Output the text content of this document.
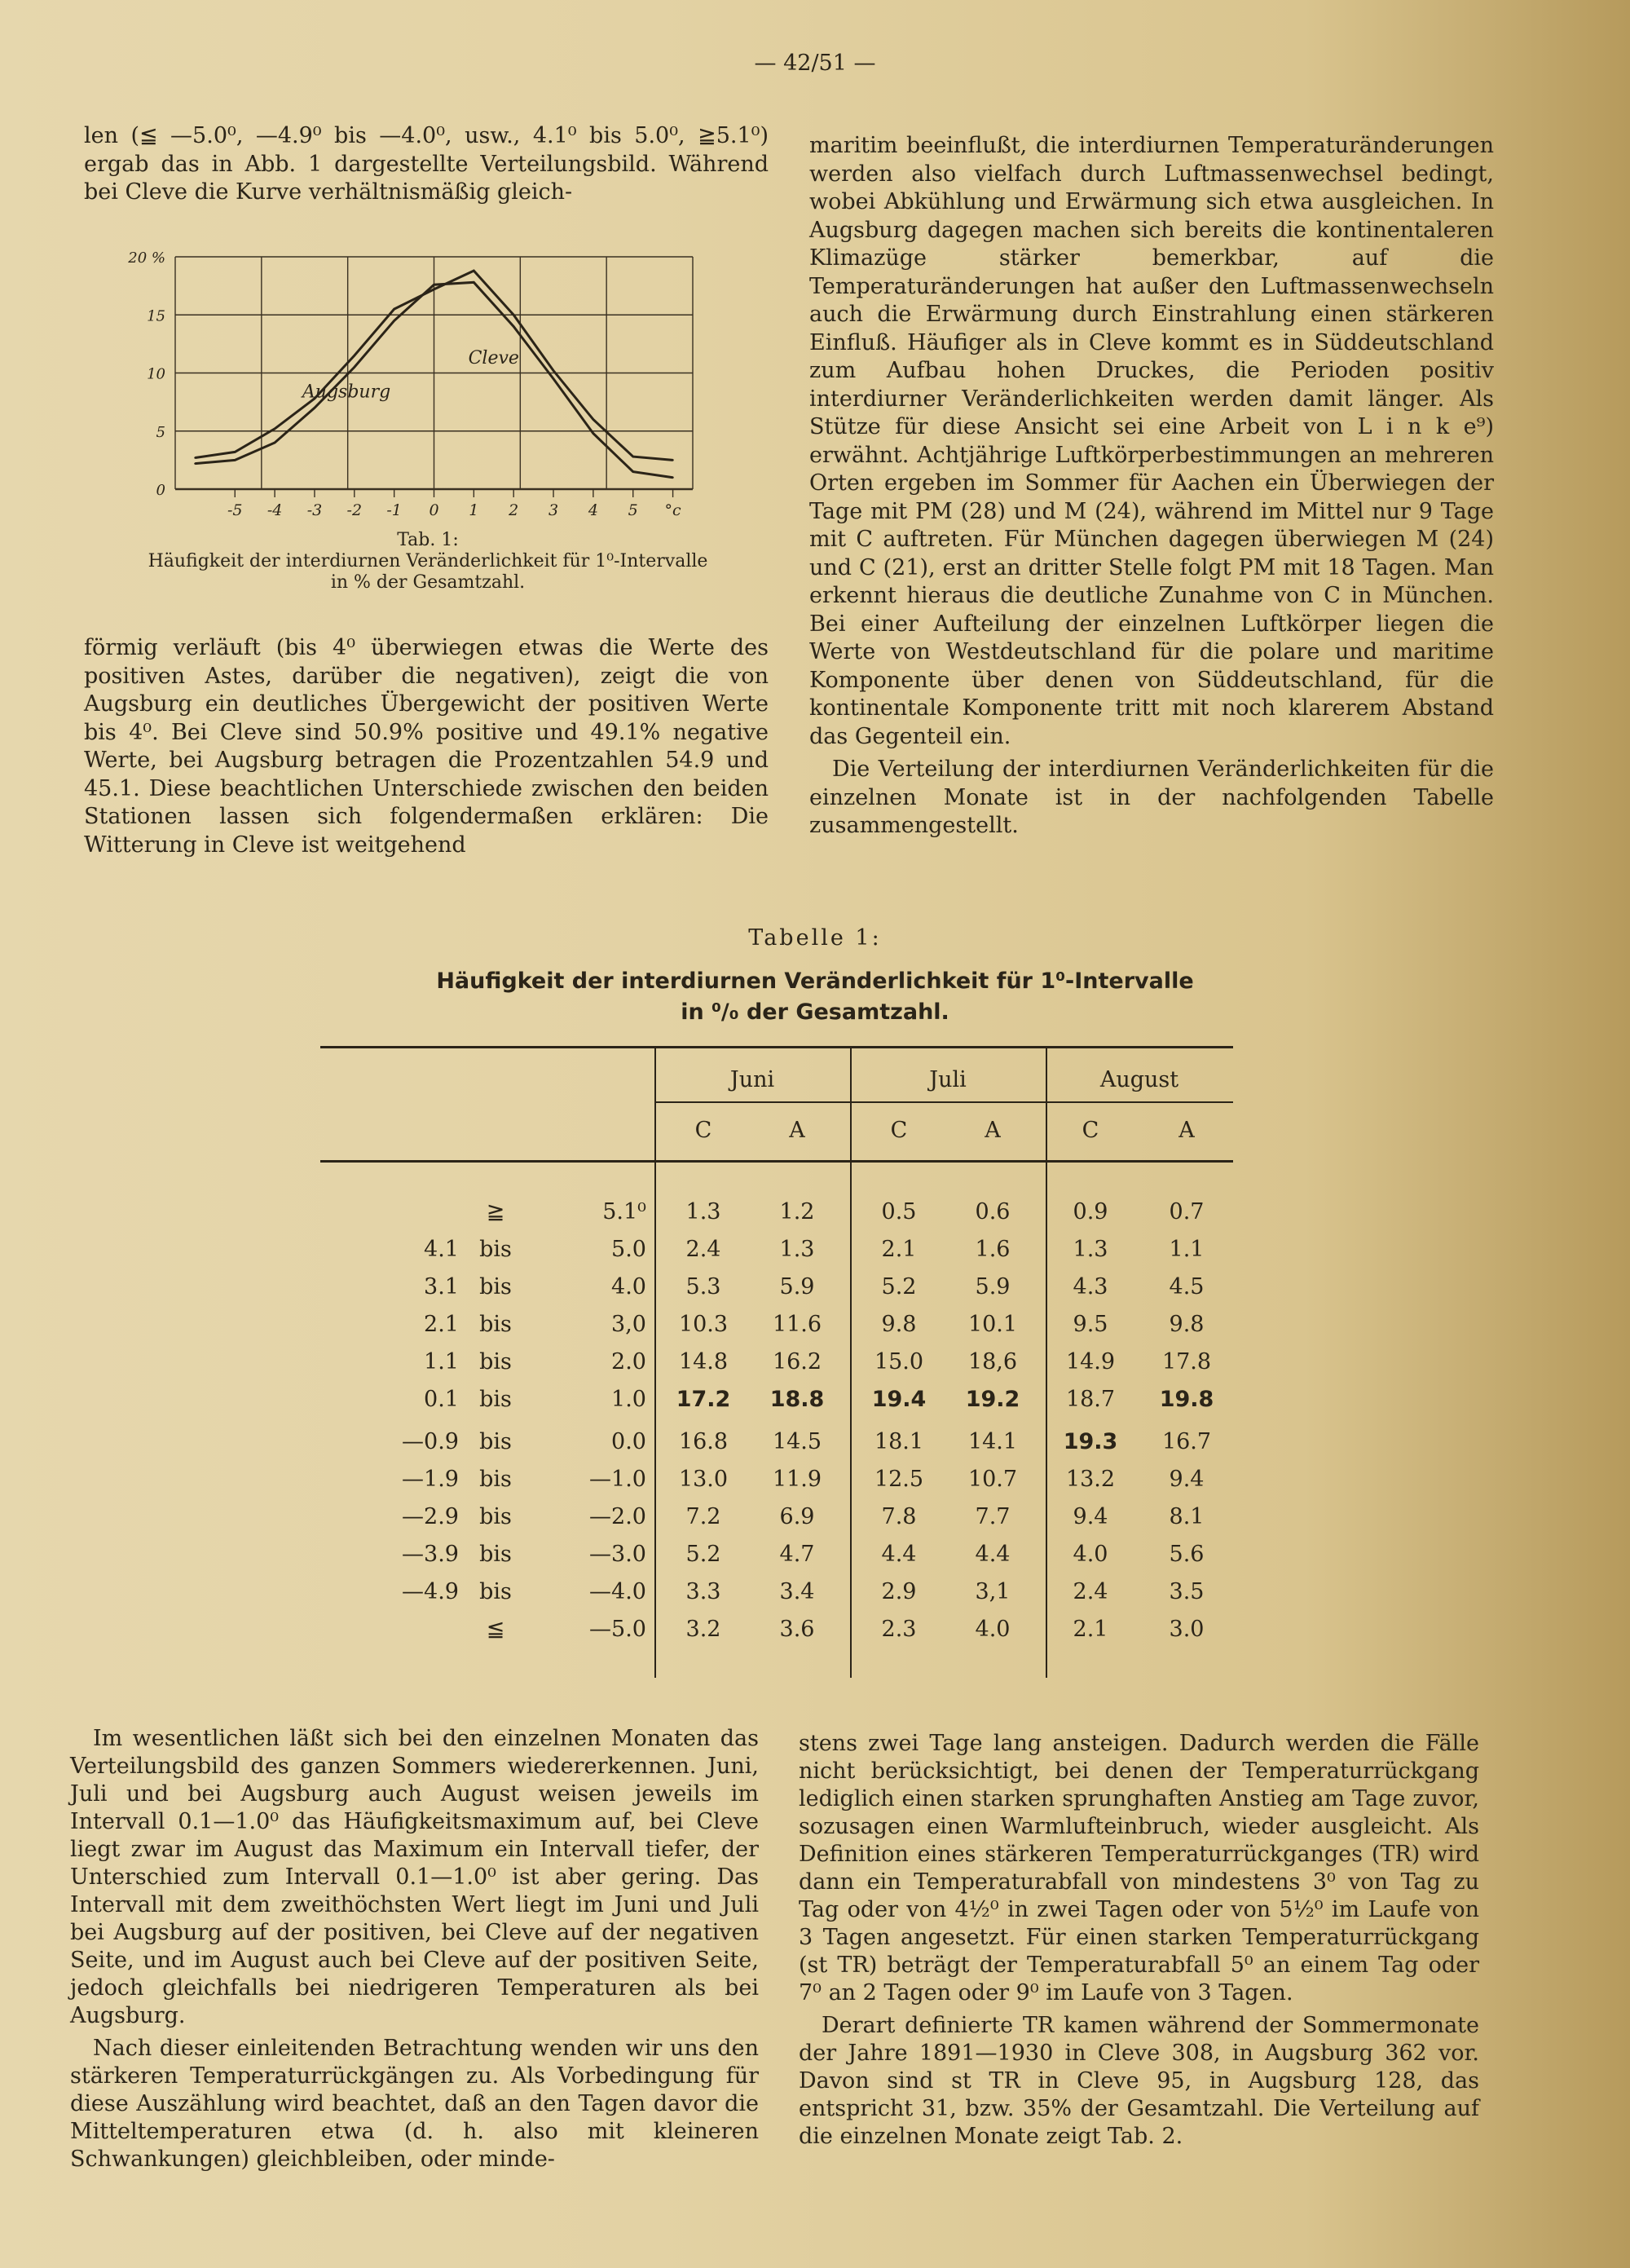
— 42/51 —

len (≦ —5.0⁰, —4.9⁰ bis —4.0⁰, usw., 4.1⁰ bis 5.0⁰, ≧5.1⁰) ergab das in Abb. 1 dargestellte Verteilungsbild. Während bei Cleve die Kurve verhältnismäßig gleich-

0
5
10
15
20 %
-5 -4 -3 -2 -1 0 1 2 3 4 5 °c
Cleve
Augsburg
Tab. 1:
Häufigkeit der interdiurnen Veränderlichkeit für 1⁰-Intervalle
in % der Gesamtzahl.

förmig verläuft (bis 4⁰ überwiegen etwas die Werte des positiven Astes, darüber die negativen), zeigt die von Augsburg ein deutliches Übergewicht der positiven Werte bis 4⁰. Bei Cleve sind 50.9% positive und 49.1% negative Werte, bei Augsburg betragen die Prozentzahlen 54.9 und 45.1. Diese beachtlichen Unterschiede zwischen den beiden Stationen lassen sich folgendermaßen erklären: Die Witterung in Cleve ist weitgehend

maritim beeinflußt, die interdiurnen Temperaturänderungen werden also vielfach durch Luftmassenwechsel bedingt, wobei Abkühlung und Erwärmung sich etwa ausgleichen. In Augsburg dagegen machen sich bereits die kontinentaleren Klimazüge stärker bemerkbar, auf die Temperaturänderungen hat außer den Luftmassenwechseln auch die Erwärmung durch Einstrahlung einen stärkeren Einfluß. Häufiger als in Cleve kommt es in Süddeutschland zum Aufbau hohen Druckes, die Perioden positiv interdiurner Veränderlichkeiten werden damit länger. Als Stütze für diese Ansicht sei eine Arbeit von L i n k e⁹) erwähnt. Achtjährige Luftkörperbestimmungen an mehreren Orten ergeben im Sommer für Aachen ein Überwiegen der Tage mit PM (28) und M (24), während im Mittel nur 9 Tage mit C auftreten. Für München dagegen überwiegen M (24) und C (21), erst an dritter Stelle folgt PM mit 18 Tagen. Man erkennt hieraus die deutliche Zunahme von C in München. Bei einer Aufteilung der einzelnen Luftkörper liegen die Werte von Westdeutschland für die polare und maritime Komponente über denen von Süddeutschland, für die kontinentale Komponente tritt mit noch klarerem Abstand das Gegenteil ein.

Die Verteilung der interdiurnen Veränderlichkeiten für die einzelnen Monate ist in der nachfolgenden Tabelle zusammengestellt.

Tabelle 1:
Häufigkeit der interdiurnen Veränderlichkeit für 1⁰-Intervalle
in ⁰/₀ der Gesamtzahl.
Juni	Juli	August
C	A	C	A	C	A
≧	5.1⁰	1.3	1.2	0.5	0.6	0.9	0.7
4.1 bis	5.0	2.4	1.3	2.1	1.6	1.3	1.1
3.1 bis	4.0	5.3	5.9	5.2	5.9	4.3	4.5
2.1 bis	3,0	10.3	11.6	9.8	10.1	9.5	9.8
1.1 bis	2.0	14.8	16.2	15.0	18,6	14.9	17.8
0.1 bis	1.0	17.2	18.8	19.4	19.2	18.7	19.8
—0.9 bis	0.0	16.8	14.5	18.1	14.1	19.3	16.7
—1.9 bis	—1.0	13.0	11.9	12.5	10.7	13.2	9.4
—2.9 bis	—2.0	7.2	6.9	7.8	7.7	9.4	8.1
—3.9 bis	—3.0	5.2	4.7	4.4	4.4	4.0	5.6
—4.9 bis	—4.0	3.3	3.4	2.9	3,1	2.4	3.5
≦	—5.0	3.2	3.6	2.3	4.0	2.1	3.0

Im wesentlichen läßt sich bei den einzelnen Monaten das Verteilungsbild des ganzen Sommers wiedererkennen. Juni, Juli und bei Augsburg auch August weisen jeweils im Intervall 0.1—1.0⁰ das Häufigkeitsmaximum auf, bei Cleve liegt zwar im August das Maximum ein Intervall tiefer, der Unterschied zum Intervall 0.1—1.0⁰ ist aber gering. Das Intervall mit dem zweithöchsten Wert liegt im Juni und Juli bei Augsburg auf der positiven, bei Cleve auf der negativen Seite, und im August auch bei Cleve auf der positiven Seite, jedoch gleichfalls bei niedrigeren Temperaturen als bei Augsburg.

Nach dieser einleitenden Betrachtung wenden wir uns den stärkeren Temperaturrückgängen zu. Als Vorbedingung für diese Auszählung wird beachtet, daß an den Tagen davor die Mitteltemperaturen etwa (d. h. also mit kleineren Schwankungen) gleichbleiben, oder minde-

stens zwei Tage lang ansteigen. Dadurch werden die Fälle nicht berücksichtigt, bei denen der Temperaturrückgang lediglich einen starken sprunghaften Anstieg am Tage zuvor, sozusagen einen Warmlufteinbruch, wieder ausgleicht. Als Definition eines stärkeren Temperaturrückganges (TR) wird dann ein Temperaturabfall von mindestens 3⁰ von Tag zu Tag oder von 4½⁰ in zwei Tagen oder von 5½⁰ im Laufe von 3 Tagen angesetzt. Für einen starken Temperaturrückgang (st TR) beträgt der Temperaturabfall 5⁰ an einem Tag oder 7⁰ an 2 Tagen oder 9⁰ im Laufe von 3 Tagen.

Derart definierte TR kamen während der Sommermonate der Jahre 1891—1930 in Cleve 308, in Augsburg 362 vor. Davon sind st TR in Cleve 95, in Augsburg 128, das entspricht 31, bzw. 35% der Gesamtzahl. Die Verteilung auf die einzelnen Monate zeigt Tab. 2.
